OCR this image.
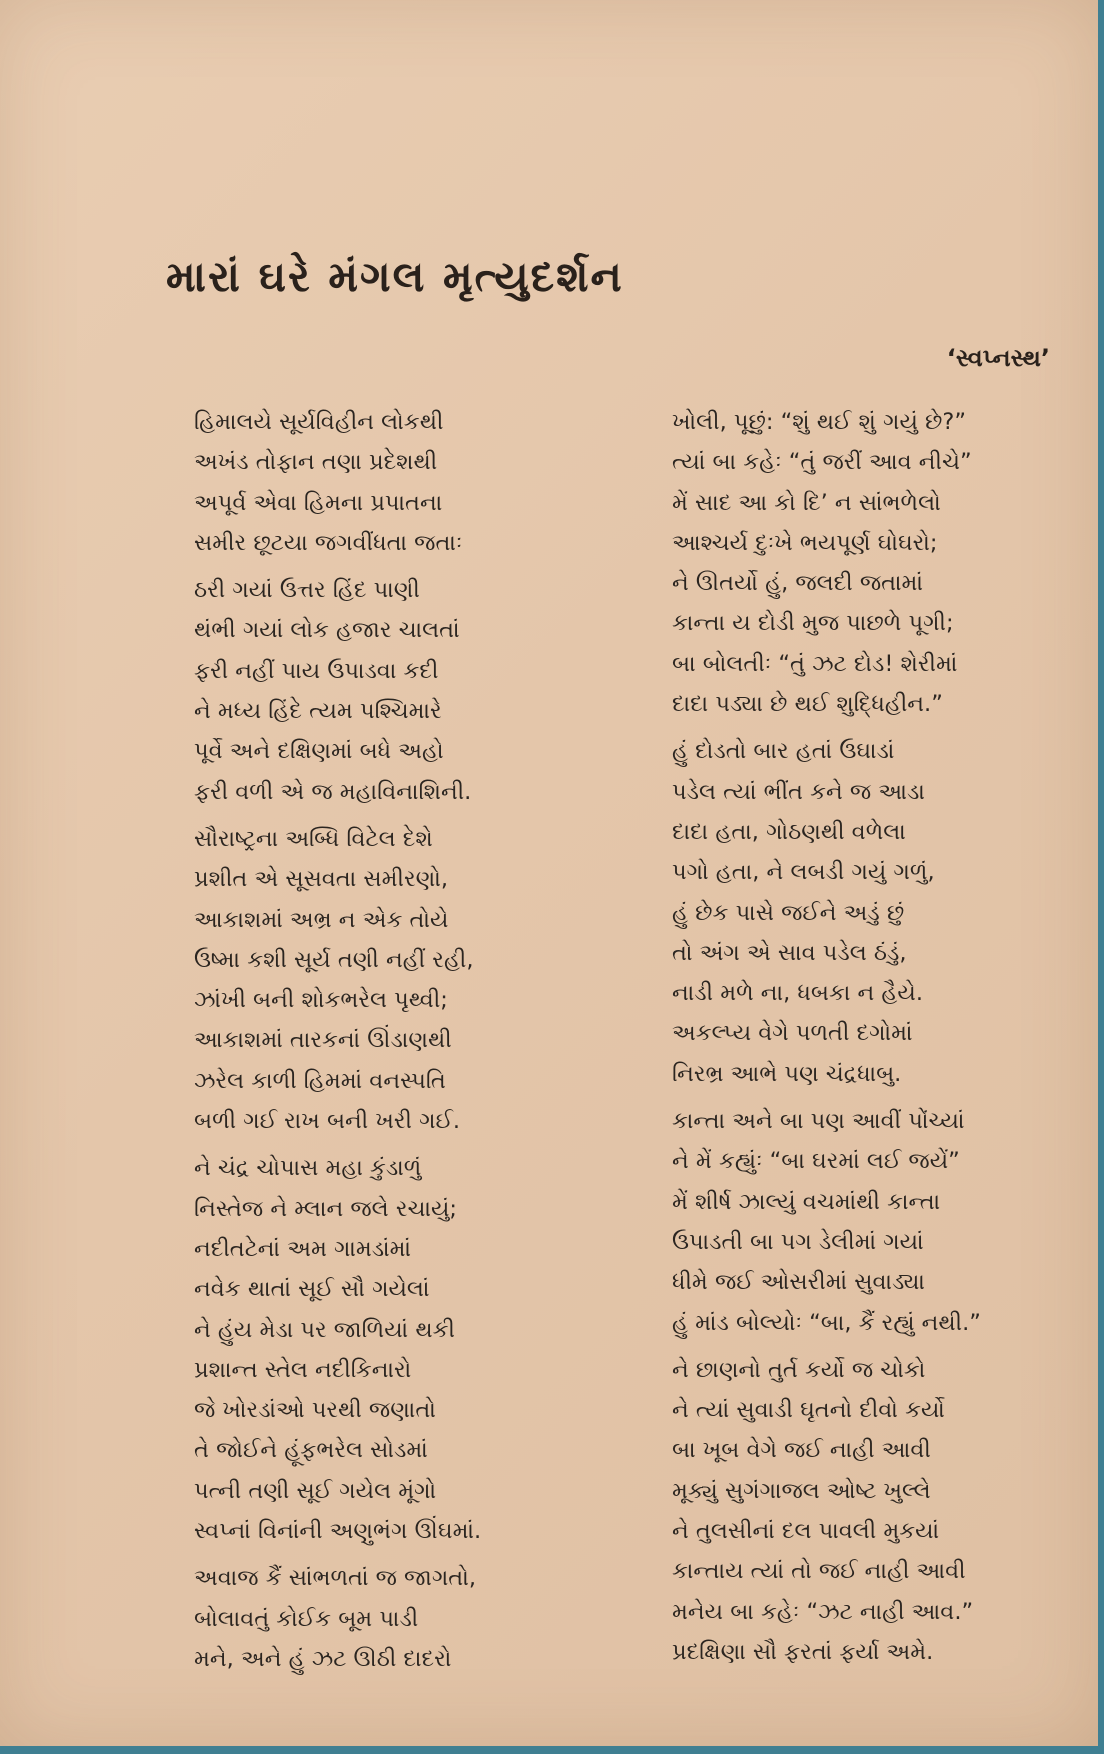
મારાં ઘરે મંગલ મૃત્યુદર્શન
‘સ્વપ્નસ્થ’
હિમાલયે સૂર્યવિહીન લોકથી
અખંડ તોફાન તણા પ્રદેશથી
અપૂર્વ એવા હિમના પ્રપાતના
સમીર છૂટયા જગવીંધતા જતાઃ
ઠરી ગયાં ઉત્તર હિંદ પાણી
થંભી ગયાં લોક હજાર ચાલતાં
ફરી નહીં પાય ઉપાડવા કદી
ને મધ્ય હિંદે ત્યમ પશ્ચિમારે
પૂર્વે અને દક્ષિણમાં બધે અહો
ફરી વળી એ જ મહાવિનાશિની.
સૌરાષ્ટ્રના અબ્ધિ વિટેલ દેશે
પ્રશીત એ સૂસવતા સમીરણો,
આકાશમાં અભ્ર ન એક તોયે
ઉષ્મા કશી સૂર્ય તણી નહીં રહી,
ઝાંખી બની શોકભરેલ પૃથ્વી;
આકાશમાં તારકનાં ઊંડાણથી
ઝરેલ કાળી હિમમાં વનસ્પતિ
બળી ગઈ રાખ બની ખરી ગઈ.
ને ચંદ્ર ચોપાસ મહા કુંડાળું
નિસ્તેજ ને મ્લાન જલે રચાયું;
નદીતટેનાં અમ ગામડાંમાં
નવેક થાતાં સૂઈ સૌ ગયેલાં
ને હુંય મેડા પર જાળિયાં થકી
પ્રશાન્ત સ્તેલ નદીકિનારો
જે ખોરડાંઓ પરથી જણાતો
તે જોઈને હૂંફભરેલ સોડમાં
પત્ની તણી સૂઈ ગયેલ મૂંગો
સ્વપ્નાં વિનાંની અણુભંગ ઊંઘમાં.
અવાજ કૈં સાંભળતાં જ જાગતો,
બોલાવતું કોઈક બૂમ પાડી
મને, અને હું ઝટ ઊઠી દાદરો
ખોલી, પૂછું: “શું થઈ શું ગયું છે?”
ત્યાં બા કહેઃ “તું જરીં આવ નીચે”
મેં સાદ આ કો દિ’ ન સાંભળેલો
આશ્ચર્ય દુઃખે ભયપૂર્ણ ઘોઘરો;
ને ઊતર્યો હું, જલદી જતામાં
કાન્તા ય દોડી મુજ પાછળે પૂગી;
બા બોલતીઃ “તું ઝટ દોડ! શેરીમાં
દાદા પડ્યા છે થઈ શુદ્ધિહીન.”
હું દોડતો બાર હતાં ઉઘાડાં
પડેલ ત્યાં ભીંત કને જ આડા
દાદા હતા, ગોઠણથી વળેલા
પગો હતા, ને લબડી ગયું ગળું,
હું છેક પાસે જઈને અડું છું
તો અંગ એ સાવ પડેલ ઠંડું,
નાડી મળે ના, ધબકા ન હૈયે.
અકલ્પ્ય વેગે પળતી દગોમાં
નિરભ્ર આભે પણ ચંદ્રધાબુ.
કાન્તા અને બા પણ આવીં પોંચ્યાં
ને મેં કહ્યુંઃ “બા ઘરમાં લઈ જયેં”
મેં શીર્ષ ઝાલ્યું વચમાંથી કાન્તા
ઉપાડતી બા પગ ડેલીમાં ગયાં
ધીમે જઈ ઓસરીમાં સુવાડ્યા
હું માંડ બોલ્યોઃ “બા, કૈં રહ્યું નથી.”
ને છાણનો તુર્ત કર્યો જ ચોકો
ને ત્યાં સુવાડી ઘૃતનો દીવો કર્યો
બા ખૂબ વેગે જઈ નાહી આવી
મૂક્યું સુગંગાજલ ઓષ્ટ ખુલ્લે
ને તુલસીનાં દલ પાવલી મુકયાં
કાન્તાય ત્યાં તો જઈ નાહી આવી
મનેય બા કહેઃ “ઝટ નાહી આવ.”
પ્રદક્ષિણા સૌ ફરતાં ફર્યા અમે.
